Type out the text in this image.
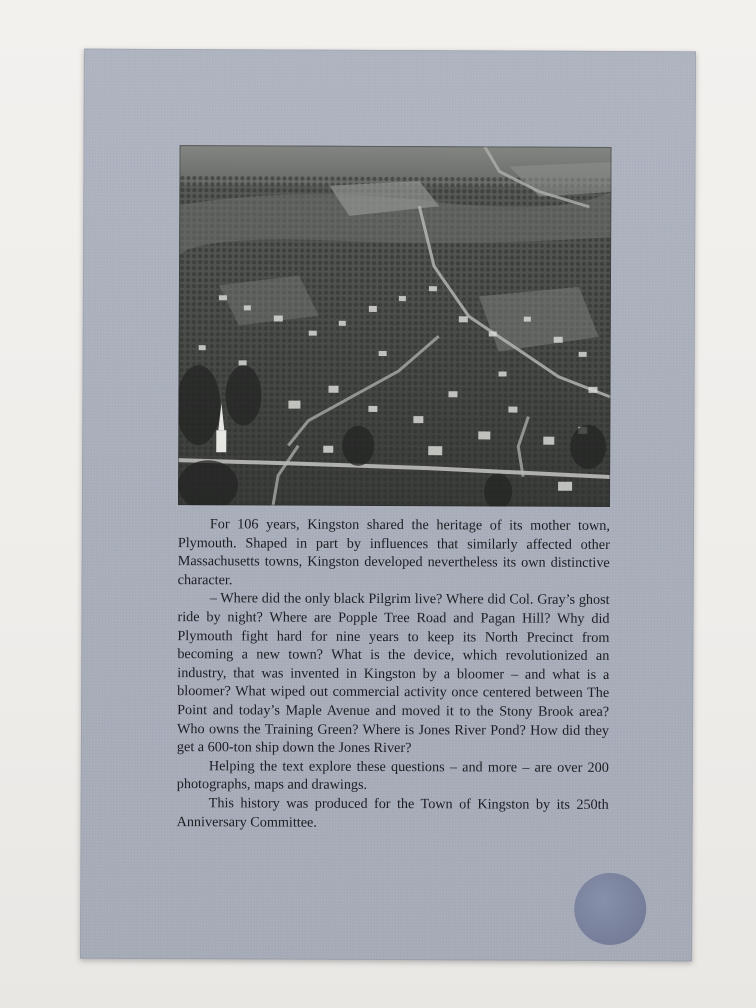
For 106 years, Kingston shared the heritage of its mother town, Plymouth. Shaped in part by influences that similarly affected other Massachusetts towns, Kingston developed nevertheless its own distinctive character.

– Where did the only black Pilgrim live? Where did Col. Gray’s ghost ride by night? Where are Popple Tree Road and Pagan Hill? Why did Plymouth fight hard for nine years to keep its North Precinct from becoming a new town? What is the device, which revolutionized an industry, that was invented in Kingston by a bloomer – and what is a bloomer? What wiped out commercial activity once centered between The Point and today’s Maple Avenue and moved it to the Stony Brook area? Who owns the Training Green? Where is Jones River Pond? How did they get a 600-ton ship down the Jones River?

Helping the text explore these questions – and more – are over 200 photographs, maps and drawings.

This history was produced for the Town of Kingston by its 250th Anniversary Committee.
